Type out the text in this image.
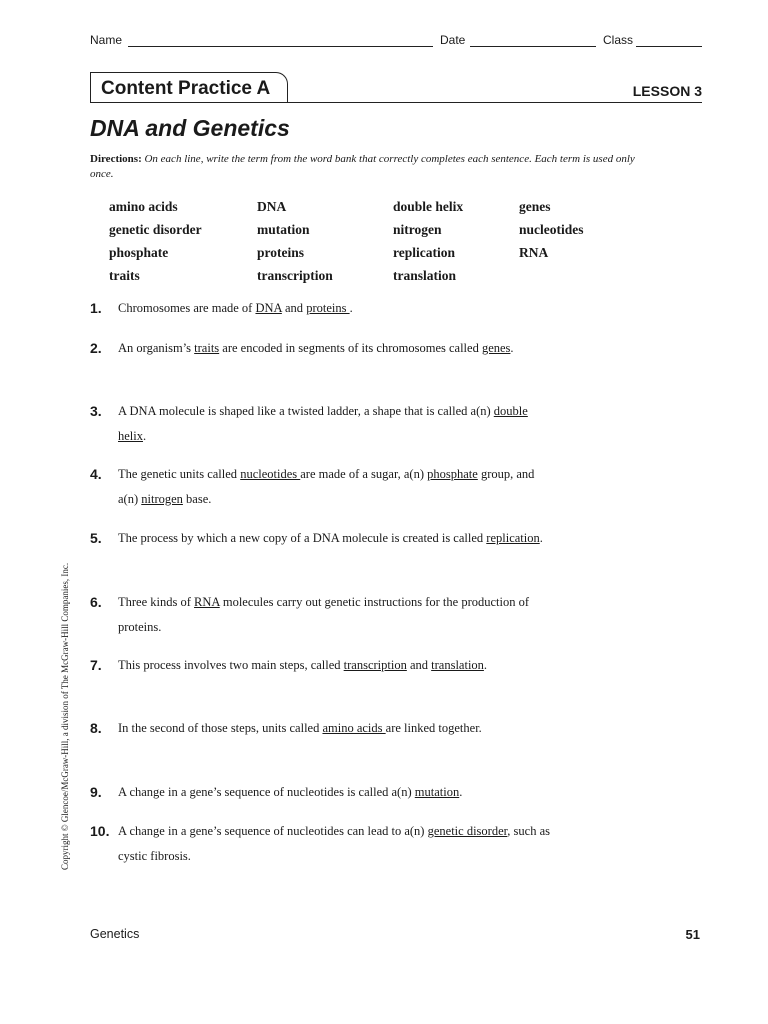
Name	Date	Class
Content Practice A	LESSON 3
DNA and Genetics
Directions: On each line, write the term from the word bank that correctly completes each sentence. Each term is used only once.
amino acids	DNA	double helix	genes
genetic disorder	mutation	nitrogen	nucleotides
phosphate	proteins	replication	RNA
traits	transcription	translation
1.	Chromosomes are made of DNA and proteins .
2.	An organism’s traits are encoded in segments of its chromosomes called genes.
3.	A DNA molecule is shaped like a twisted ladder, a shape that is called a(n) double helix.
4.	The genetic units called nucleotides are made of a sugar, a(n) phosphate group, and a(n) nitrogen base.
5.	The process by which a new copy of a DNA molecule is created is called replication.
6.	Three kinds of RNA molecules carry out genetic instructions for the production of proteins.
7.	This process involves two main steps, called transcription and translation.
8.	In the second of those steps, units called amino acids are linked together.
9.	A change in a gene’s sequence of nucleotides is called a(n) mutation.
10. A change in a gene’s sequence of nucleotides can lead to a(n) genetic disorder, such as cystic fibrosis.
Copyright © Glencoe/McGraw-Hill, a division of The McGraw-Hill Companies, Inc.
Genetics	51
